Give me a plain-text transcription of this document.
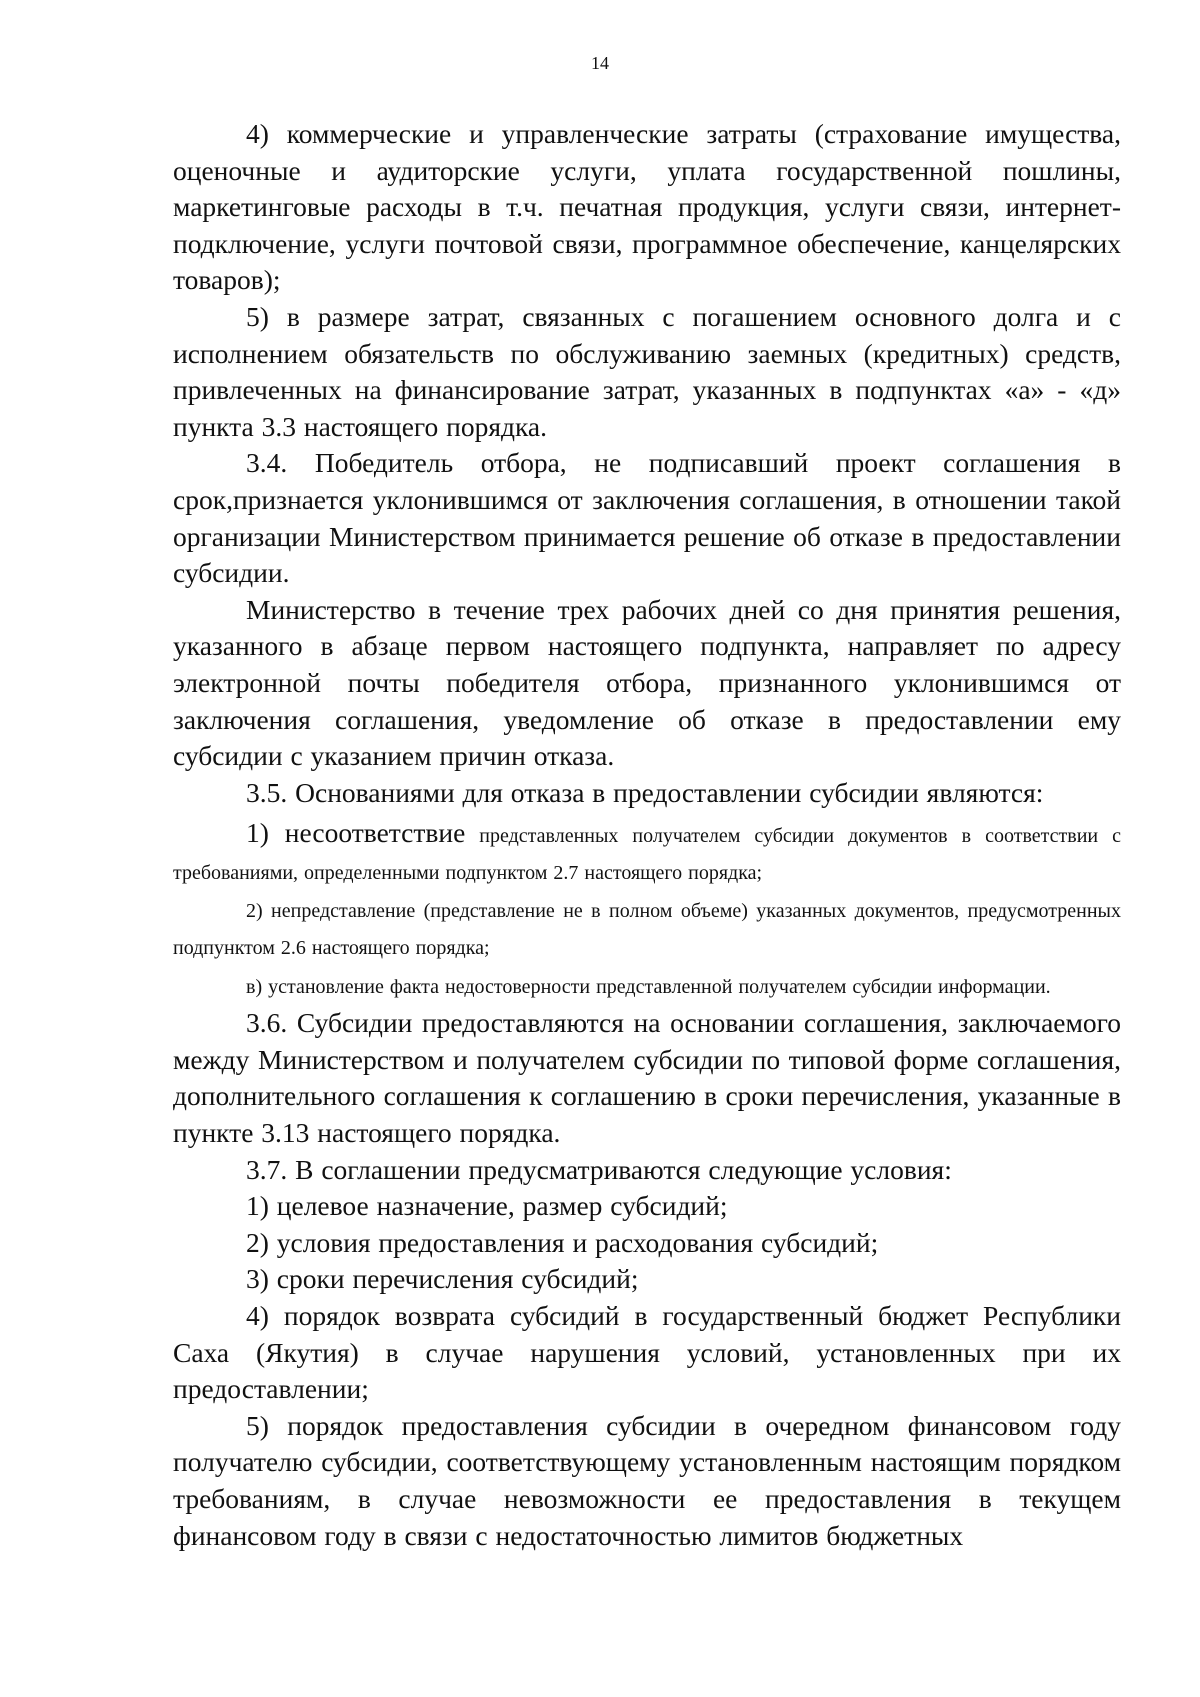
14

4) коммерческие и управленческие затраты (страхование имущества, оценочные и аудиторские услуги, уплата государственной пошлины, маркетинговые расходы в т.ч. печатная продукция, услуги связи, интернет-подключение, услуги почтовой связи, программное обеспечение, канцелярских товаров);

5) в размере затрат, связанных с погашением основного долга и с исполнением обязательств по обслуживанию заемных (кредитных) средств, привлеченных на финансирование затрат, указанных в подпунктах «а» - «д» пункта 3.3 настоящего порядка.

3.4. Победитель отбора, не подписавший проект соглашения в срок,признается уклонившимся от заключения соглашения, в отношении такой организации Министерством принимается решение об отказе в предоставлении субсидии.

Министерство в течение трех рабочих дней со дня принятия решения, указанного в абзаце первом настоящего подпункта, направляет по адресу электронной почты победителя отбора, признанного уклонившимся от заключения соглашения, уведомление об отказе в предоставлении ему субсидии с указанием причин отказа.

3.5. Основаниями для отказа в предоставлении субсидии являются:

1) несоответствие представленных получателем субсидии документов в соответствии с требованиями, определенными подпунктом 2.7 настоящего порядка;

2) непредставление (представление не в полном объеме) указанных документов, предусмотренных подпунктом 2.6 настоящего порядка;

в) установление факта недостоверности представленной получателем субсидии информации.

3.6. Субсидии предоставляются на основании соглашения, заключаемого между Министерством и получателем субсидии по типовой форме соглашения, дополнительного соглашения к соглашению в сроки перечисления, указанные в пункте 3.13 настоящего порядка.

3.7. В соглашении предусматриваются следующие условия:

1) целевое назначение, размер субсидий;

2) условия предоставления и расходования субсидий;

3) сроки перечисления субсидий;

4) порядок возврата субсидий в государственный бюджет Республики Саха (Якутия) в случае нарушения условий, установленных при их предоставлении;

5) порядок предоставления субсидии в очередном финансовом году получателю субсидии, соответствующему установленным настоящим порядком требованиям, в случае невозможности ее предоставления в текущем финансовом году в связи с недостаточностью лимитов бюджетных
